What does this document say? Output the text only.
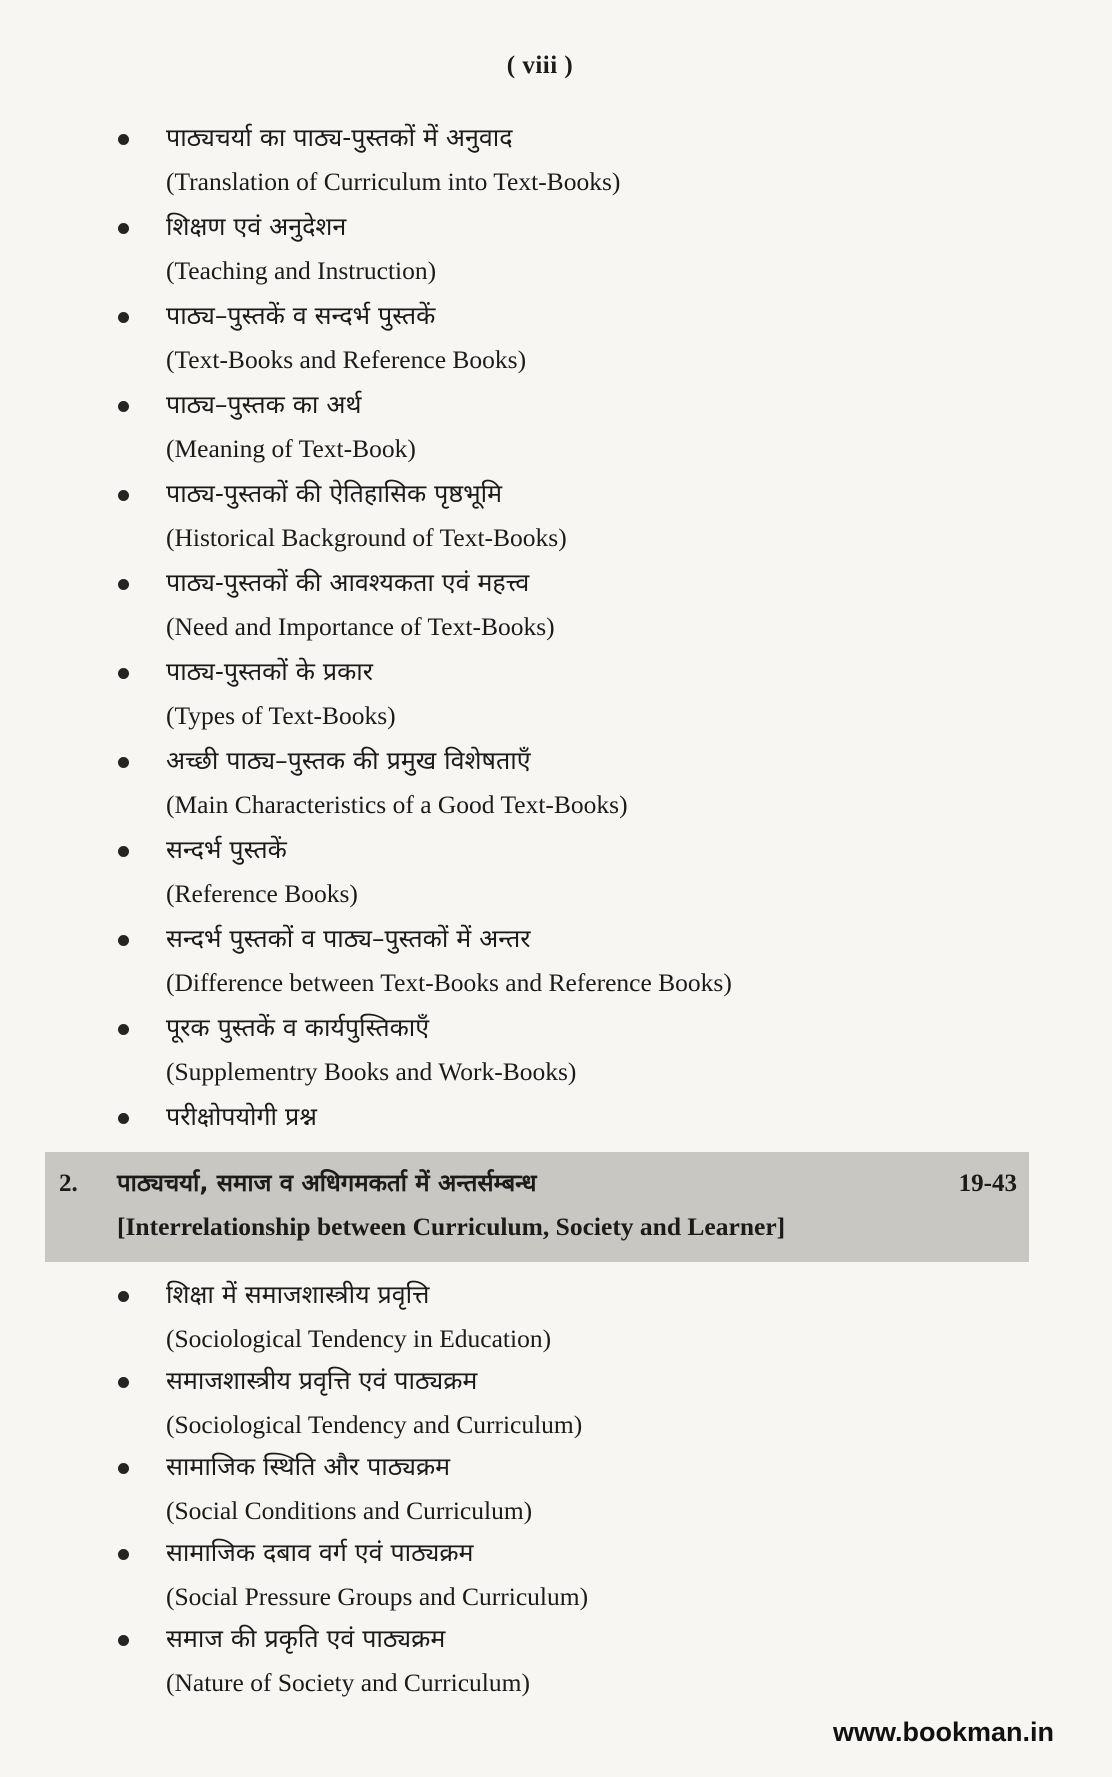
( viii )
पाठ्यचर्या का पाठ्य-पुस्तकों में अनुवाद
(Translation of Curriculum into Text-Books)
शिक्षण एवं अनुदेशन
(Teaching and Instruction)
पाठ्य–पुस्तकें व सन्दर्भ पुस्तकें
(Text-Books and Reference Books)
पाठ्य–पुस्तक का अर्थ
(Meaning of Text-Book)
पाठ्य-पुस्तकों की ऐतिहासिक पृष्ठभूमि
(Historical Background of Text-Books)
पाठ्य-पुस्तकों की आवश्यकता एवं महत्त्व
(Need and Importance of Text-Books)
पाठ्य-पुस्तकों के प्रकार
(Types of Text-Books)
अच्छी पाठ्य–पुस्तक की प्रमुख विशेषताएँ
(Main Characteristics of a Good Text-Books)
सन्दर्भ पुस्तकें
(Reference Books)
सन्दर्भ पुस्तकों व पाठ्य–पुस्तकों में अन्तर
(Difference between Text-Books and Reference Books)
पूरक पुस्तकें व कार्यपुस्तिकाएँ
(Supplementry Books and Work-Books)
परीक्षोपयोगी प्रश्न
2. पाठ्यचर्या, समाज व अधिगमकर्ता में अन्तर्सम्बन्ध
[Interrelationship between Curriculum, Society and Learner]
19-43
शिक्षा में समाजशास्त्रीय प्रवृत्ति
(Sociological Tendency in Education)
समाजशास्त्रीय प्रवृत्ति एवं पाठ्यक्रम
(Sociological Tendency and Curriculum)
सामाजिक स्थिति और पाठ्यक्रम
(Social Conditions and Curriculum)
सामाजिक दबाव वर्ग एवं पाठ्यक्रम
(Social Pressure Groups and Curriculum)
समाज की प्रकृति एवं पाठ्यक्रम
(Nature of Society and Curriculum)
www.bookman.in
